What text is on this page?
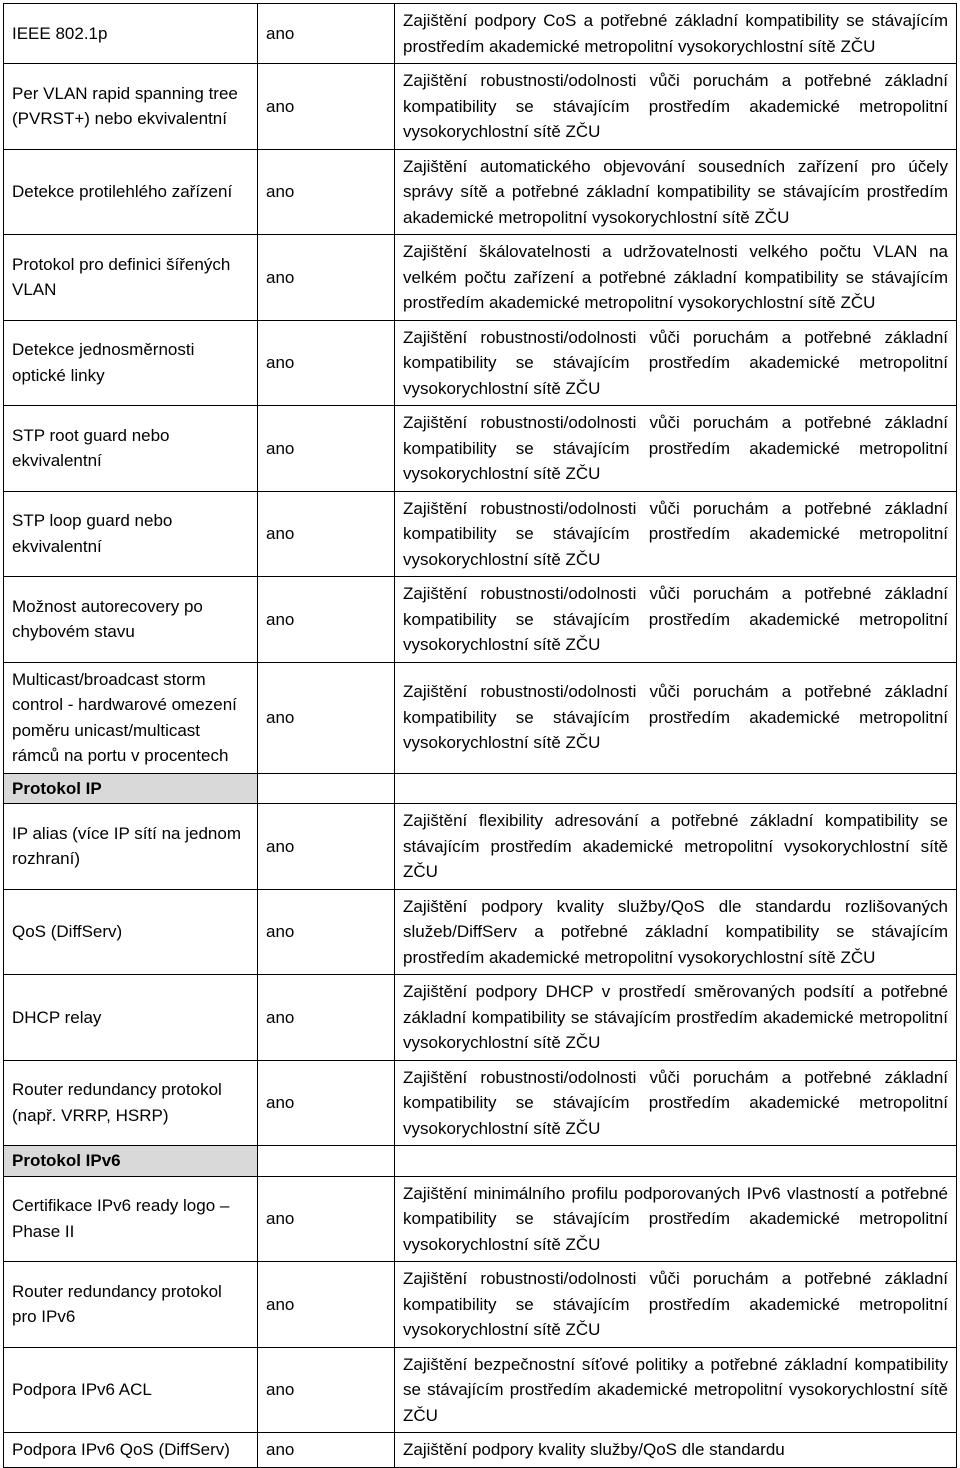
IEEE 802.1p	ano	Zajištění podpory CoS a potřebné základní kompatibility se stávajícím prostředím akademické metropolitní vysokorychlostní sítě ZČU
Per VLAN rapid spanning tree (PVRST+) nebo ekvivalentní	ano	Zajištění robustnosti/odolnosti vůči poruchám a potřebné základní kompatibility se stávajícím prostředím akademické metropolitní vysokorychlostní sítě ZČU
Detekce protilehlého zařízení	ano	Zajištění automatického objevování sousedních zařízení pro účely správy sítě a potřebné základní kompatibility se stávajícím prostředím akademické metropolitní vysokorychlostní sítě ZČU
Protokol pro definici šířených VLAN	ano	Zajištění škálovatelnosti a udržovatelnosti velkého počtu VLAN na velkém počtu zařízení a potřebné základní kompatibility se stávajícím prostředím akademické metropolitní vysokorychlostní sítě ZČU
Detekce jednosměrnosti optické linky	ano	Zajištění robustnosti/odolnosti vůči poruchám a potřebné základní kompatibility se stávajícím prostředím akademické metropolitní vysokorychlostní sítě ZČU
STP root guard nebo ekvivalentní	ano	Zajištění robustnosti/odolnosti vůči poruchám a potřebné základní kompatibility se stávajícím prostředím akademické metropolitní vysokorychlostní sítě ZČU
STP loop guard nebo ekvivalentní	ano	Zajištění robustnosti/odolnosti vůči poruchám a potřebné základní kompatibility se stávajícím prostředím akademické metropolitní vysokorychlostní sítě ZČU
Možnost autorecovery po chybovém stavu	ano	Zajištění robustnosti/odolnosti vůči poruchám a potřebné základní kompatibility se stávajícím prostředím akademické metropolitní vysokorychlostní sítě ZČU
Multicast/broadcast storm control - hardwarové omezení poměru unicast/multicast rámců na portu v procentech	ano	Zajištění robustnosti/odolnosti vůči poruchám a potřebné základní kompatibility se stávajícím prostředím akademické metropolitní vysokorychlostní sítě ZČU
Protokol IP		
IP alias (více IP sítí na jednom rozhraní)	ano	Zajištění flexibility adresování a potřebné základní kompatibility se stávajícím prostředím akademické metropolitní vysokorychlostní sítě ZČU
QoS (DiffServ)	ano	Zajištění podpory kvality služby/QoS dle standardu rozlišovaných služeb/DiffServ a potřebné základní kompatibility se stávajícím prostředím akademické metropolitní vysokorychlostní sítě ZČU
DHCP relay	ano	Zajištění podpory DHCP v prostředí směrovaných podsítí a potřebné základní kompatibility se stávajícím prostředím akademické metropolitní vysokorychlostní sítě ZČU
Router redundancy protokol (např. VRRP, HSRP)	ano	Zajištění robustnosti/odolnosti vůči poruchám a potřebné základní kompatibility se stávajícím prostředím akademické metropolitní vysokorychlostní sítě ZČU
Protokol IPv6		
Certifikace IPv6 ready logo – Phase II	ano	Zajištění minimálního profilu podporovaných IPv6 vlastností a potřebné kompatibility se stávajícím prostředím akademické metropolitní vysokorychlostní sítě ZČU
Router redundancy protokol pro IPv6	ano	Zajištění robustnosti/odolnosti vůči poruchám a potřebné základní kompatibility se stávajícím prostředím akademické metropolitní vysokorychlostní sítě ZČU
Podpora IPv6 ACL	ano	Zajištění bezpečnostní síťové politiky a potřebné základní kompatibility se stávajícím prostředím akademické metropolitní vysokorychlostní sítě ZČU
Podpora IPv6 QoS (DiffServ)	ano	Zajištění podpory kvality služby/QoS dle standardu
